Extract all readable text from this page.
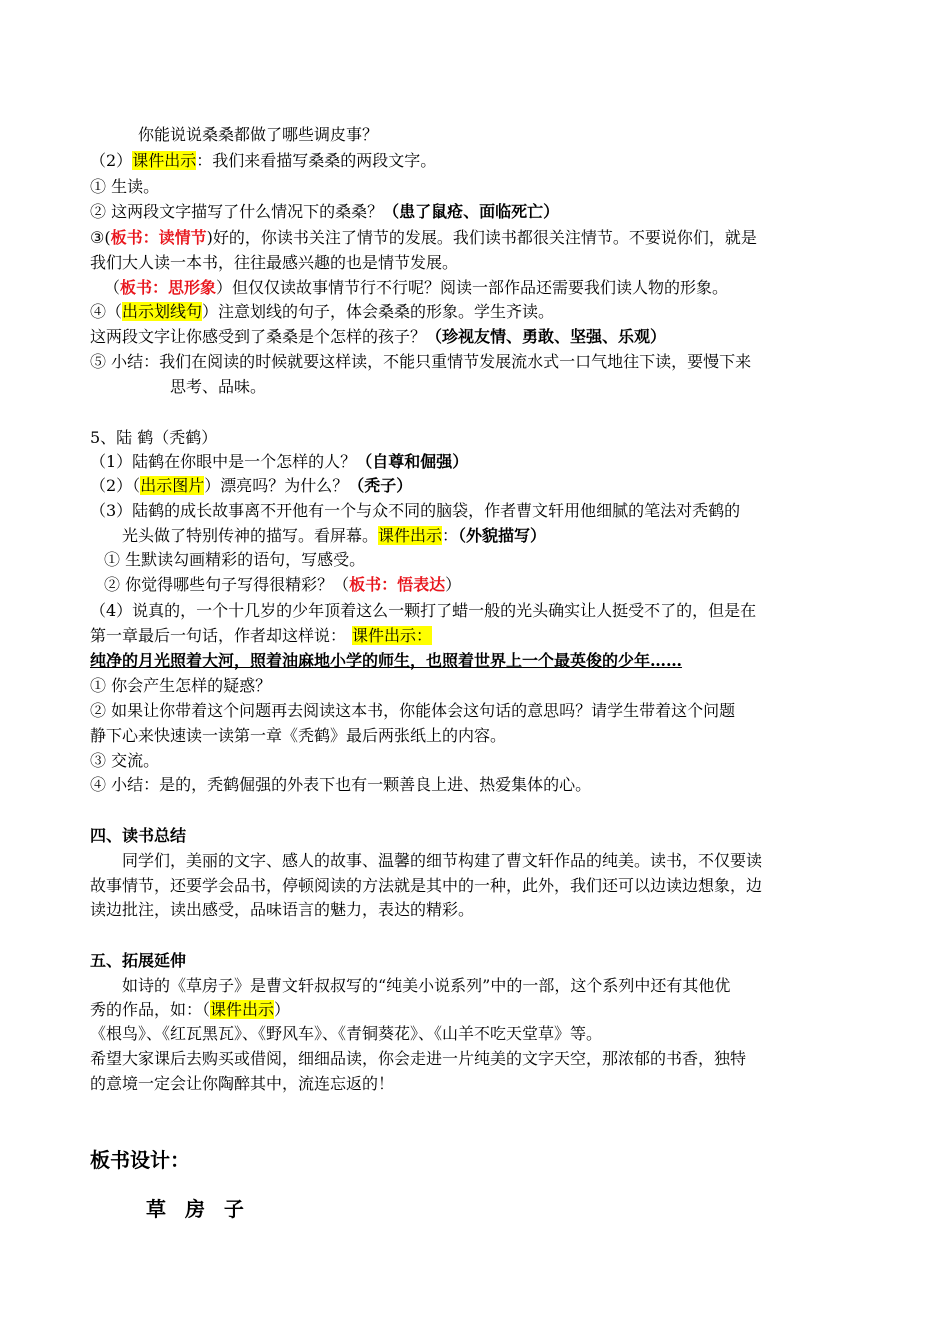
你能说说桑桑都做了哪些调皮事？
（2）课件出示：我们来看描写桑桑的两段文字。
① 生读。
② 这两段文字描写了什么情况下的桑桑？（患了鼠疮、面临死亡）
③(板书：读情节)好的，你读书关注了情节的发展。我们读书都很关注情节。不要说你们，就是
我们大人读一本书，往往最感兴趣的也是情节发展。
（板书：思形象）但仅仅读故事情节行不行呢？阅读一部作品还需要我们读人物的形象。
④（出示划线句）注意划线的句子，体会桑桑的形象。学生齐读。
这两段文字让你感受到了桑桑是个怎样的孩子？（珍视友情、勇敢、坚强、乐观）
⑤ 小结：我们在阅读的时候就要这样读，不能只重情节发展流水式一口气地往下读，要慢下来
思考、品味。
5、陆 鹤（秃鹤）
（1）陆鹤在你眼中是一个怎样的人？（自尊和倔强）
（2）（出示图片）漂亮吗？为什么？（秃子）
（3）陆鹤的成长故事离不开他有一个与众不同的脑袋，作者曹文轩用他细腻的笔法对秃鹤的
光头做了特别传神的描写。看屏幕。课件出示：（外貌描写）
① 生默读勾画精彩的语句，写感受。
② 你觉得哪些句子写得很精彩？（板书：悟表达）
（4）说真的，一个十几岁的少年顶着这么一颗打了蜡一般的光头确实让人挺受不了的，但是在
第一章最后一句话，作者却这样说： 课件出示：
纯净的月光照着大河，照着油麻地小学的师生，也照着世界上一个最英俊的少年……
① 你会产生怎样的疑惑？
② 如果让你带着这个问题再去阅读这本书，你能体会这句话的意思吗？请学生带着这个问题
静下心来快速读一读第一章《秃鹤》最后两张纸上的内容。
③ 交流。
④ 小结：是的，秃鹤倔强的外表下也有一颗善良上进、热爱集体的心。
四、读书总结
同学们，美丽的文字、感人的故事、温馨的细节构建了曹文轩作品的纯美。读书，不仅要读
故事情节，还要学会品书，停顿阅读的方法就是其中的一种，此外，我们还可以边读边想象，边
读边批注，读出感受，品味语言的魅力，表达的精彩。
五、拓展延伸
如诗的《草房子》是曹文轩叔叔写的“纯美小说系列”中的一部，这个系列中还有其他优
秀的作品，如：（课件出示）
《根鸟》、《红瓦黑瓦》、《野风车》、《青铜葵花》、《山羊不吃天堂草》等。
希望大家课后去购买或借阅，细细品读，你会走进一片纯美的文字天空，那浓郁的书香，独特
的意境一定会让你陶醉其中，流连忘返的！
板书设计：
草 房 子
